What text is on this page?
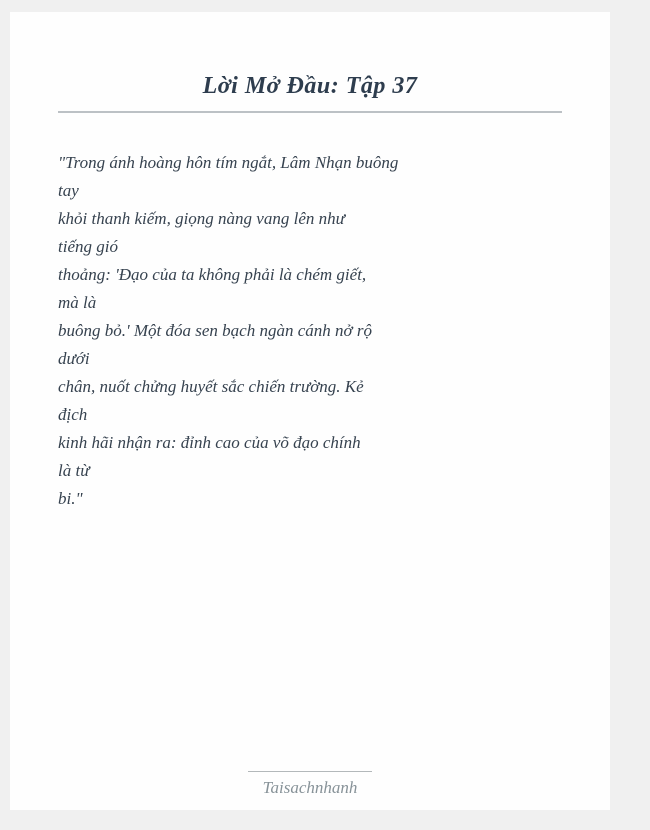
Lời Mở Đầu: Tập 37
"Trong ánh hoàng hôn tím ngắt, Lâm Nhạn buông
tay
khỏi thanh kiếm, giọng nàng vang lên như
tiếng gió
thoảng: 'Đạo của ta không phải là chém giết,
mà là
buông bỏ.' Một đóa sen bạch ngàn cánh nở rộ
dưới
chân, nuốt chửng huyết sắc chiến trường. Kẻ
địch
kinh hãi nhận ra: đỉnh cao của võ đạo chính
là từ
bi."
Taisachnhanh
